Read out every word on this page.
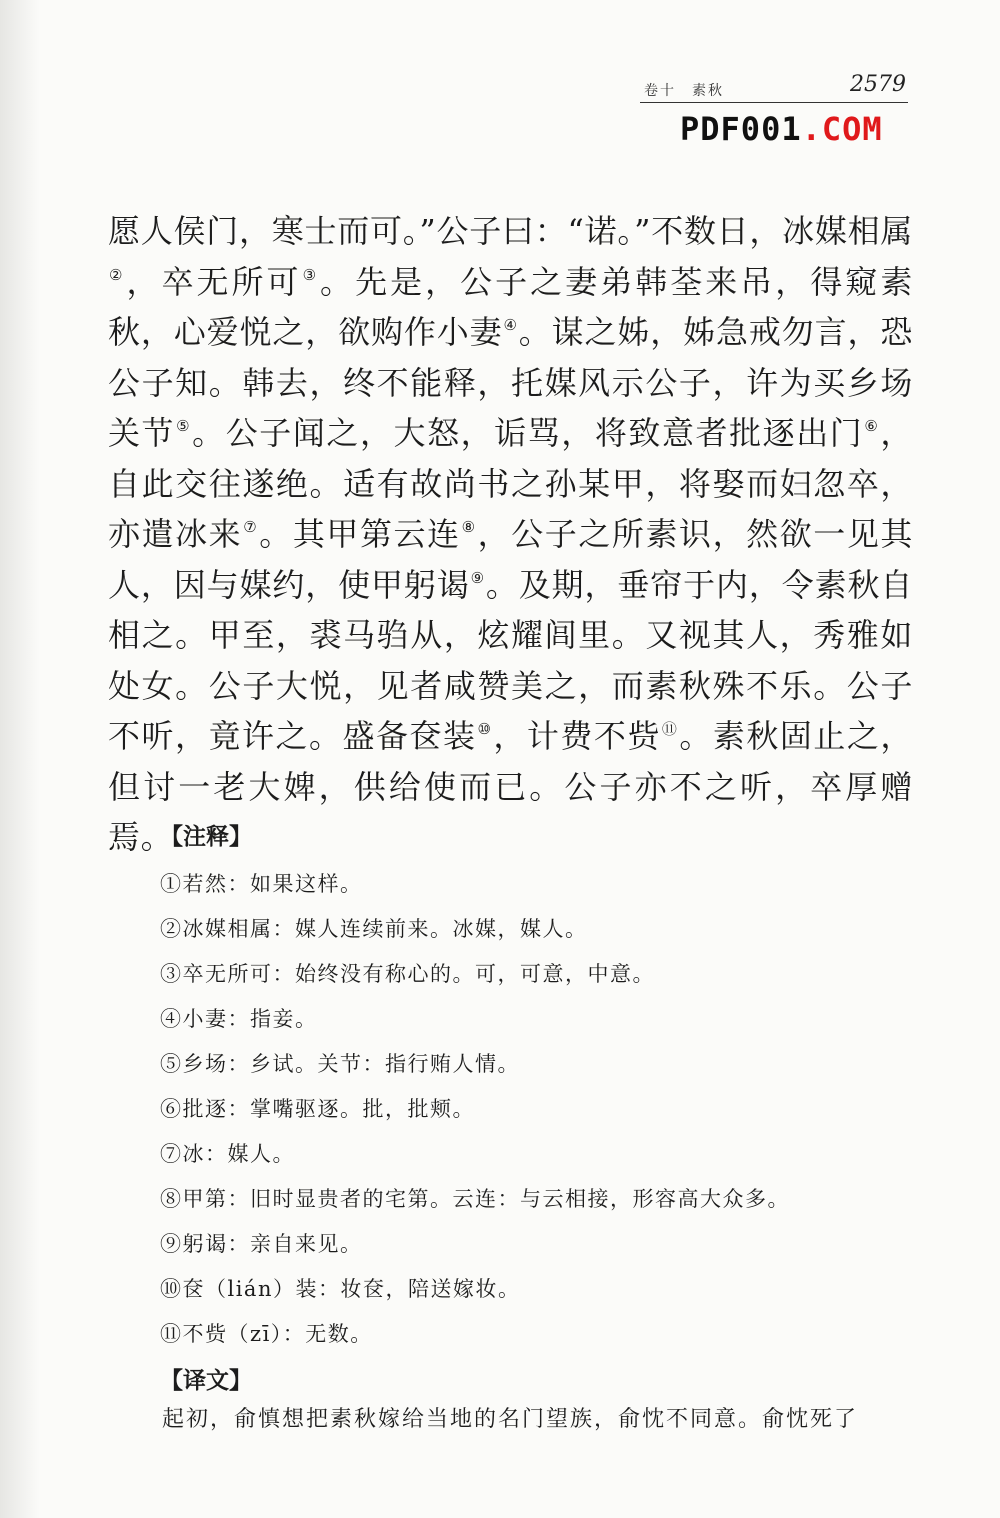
卷十　素秋	2579
PDF001.COM

愿人侯门，寒士而可。”公子曰：“诺。”不数日，冰媒相属②，卒无所可③。先是，公子之妻弟韩荃来吊，得窥素秋，心爱悦之，欲购作小妻④。谋之姊，姊急戒勿言，恐公子知。韩去，终不能释，托媒风示公子，许为买乡场关节⑤。公子闻之，大怒，诟骂，将致意者批逐出门⑥，自此交往遂绝。适有故尚书之孙某甲，将娶而妇忽卒，亦遣冰来⑦。其甲第云连⑧，公子之所素识，然欲一见其人，因与媒约，使甲躬谒⑨。及期，垂帘于内，令素秋自相之。甲至，裘马驺从，炫耀闾里。又视其人，秀雅如处女。公子大悦，见者咸赞美之，而素秋殊不乐。公子不听，竟许之。盛备奁装⑩，计费不赀⑪。素秋固止之，但讨一老大婢，供给使而已。公子亦不之听，卒厚赠焉。

【注释】
①若然：如果这样。
②冰媒相属：媒人连续前来。冰媒，媒人。
③卒无所可：始终没有称心的。可，可意，中意。
④小妻：指妾。
⑤乡场：乡试。关节：指行贿人情。
⑥批逐：掌嘴驱逐。批，批颊。
⑦冰：媒人。
⑧甲第：旧时显贵者的宅第。云连：与云相接，形容高大众多。
⑨躬谒：亲自来见。
⑩奁（lián）装：妆奁，陪送嫁妆。
⑪不赀（zī）：无数。
【译文】

起初，俞慎想把素秋嫁给当地的名门望族，俞忱不同意。俞忱死了
